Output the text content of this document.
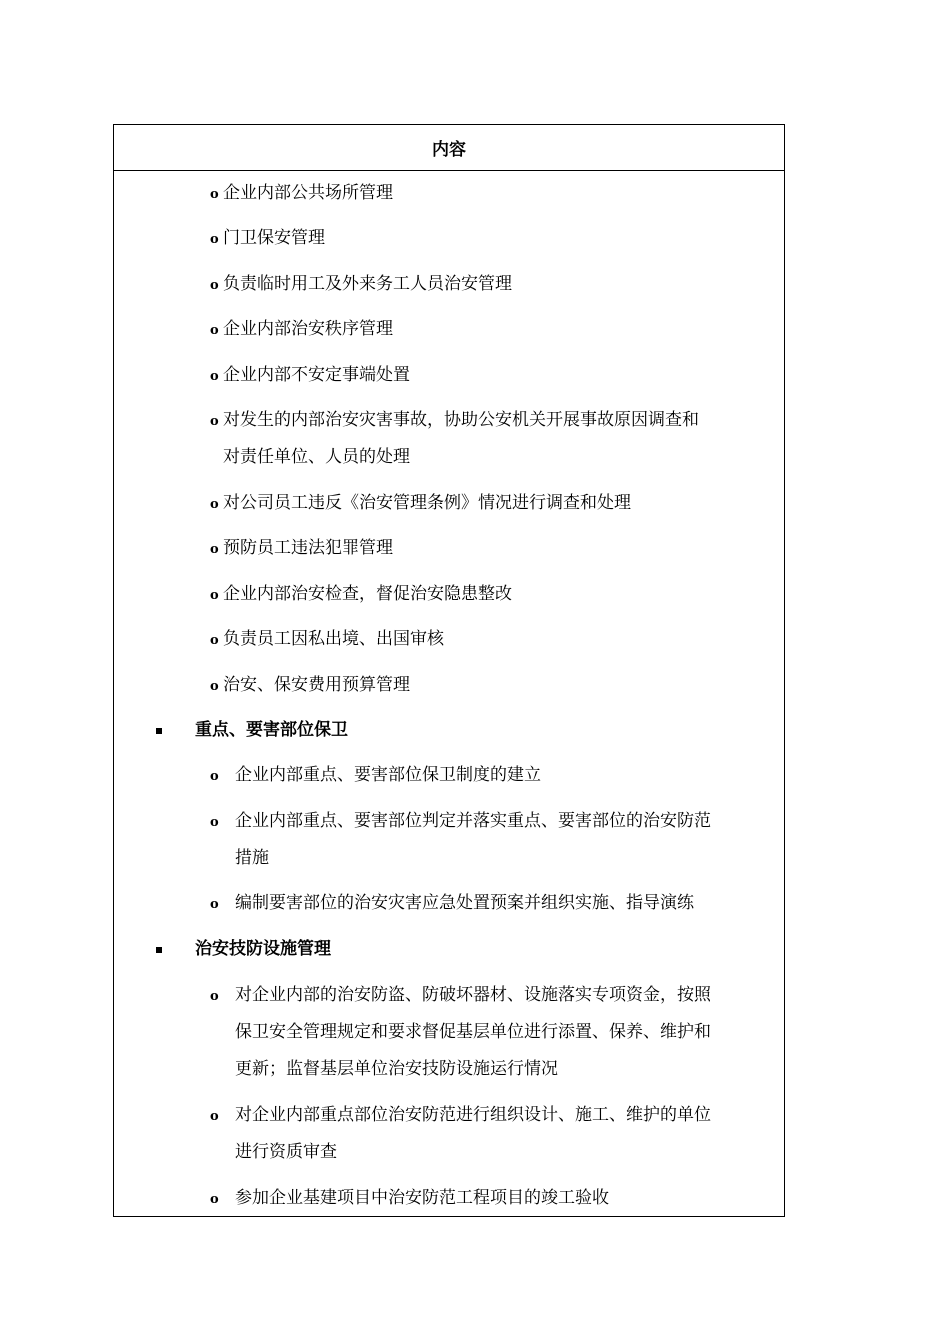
内容
o 企业内部公共场所管理
o 门卫保安管理
o 负责临时用工及外来务工人员治安管理
o 企业内部治安秩序管理
o 企业内部不安定事端处置
o 对发生的内部治安灾害事故，协助公安机关开展事故原因调查和
对责任单位、人员的处理
o 对公司员工违反《治安管理条例》情况进行调查和处理
o 预防员工违法犯罪管理
o 企业内部治安检查，督促治安隐患整改
o 负责员工因私出境、出国审核
o 治安、保安费用预算管理
重点、要害部位保卫
o 企业内部重点、要害部位保卫制度的建立
o 企业内部重点、要害部位判定并落实重点、要害部位的治安防范
措施
o 编制要害部位的治安灾害应急处置预案并组织实施、指导演练
治安技防设施管理
o 对企业内部的治安防盗、防破坏器材、设施落实专项资金，按照
保卫安全管理规定和要求督促基层单位进行添置、保养、维护和
更新；监督基层单位治安技防设施运行情况
o 对企业内部重点部位治安防范进行组织设计、施工、维护的单位
进行资质审查
o 参加企业基建项目中治安防范工程项目的竣工验收
